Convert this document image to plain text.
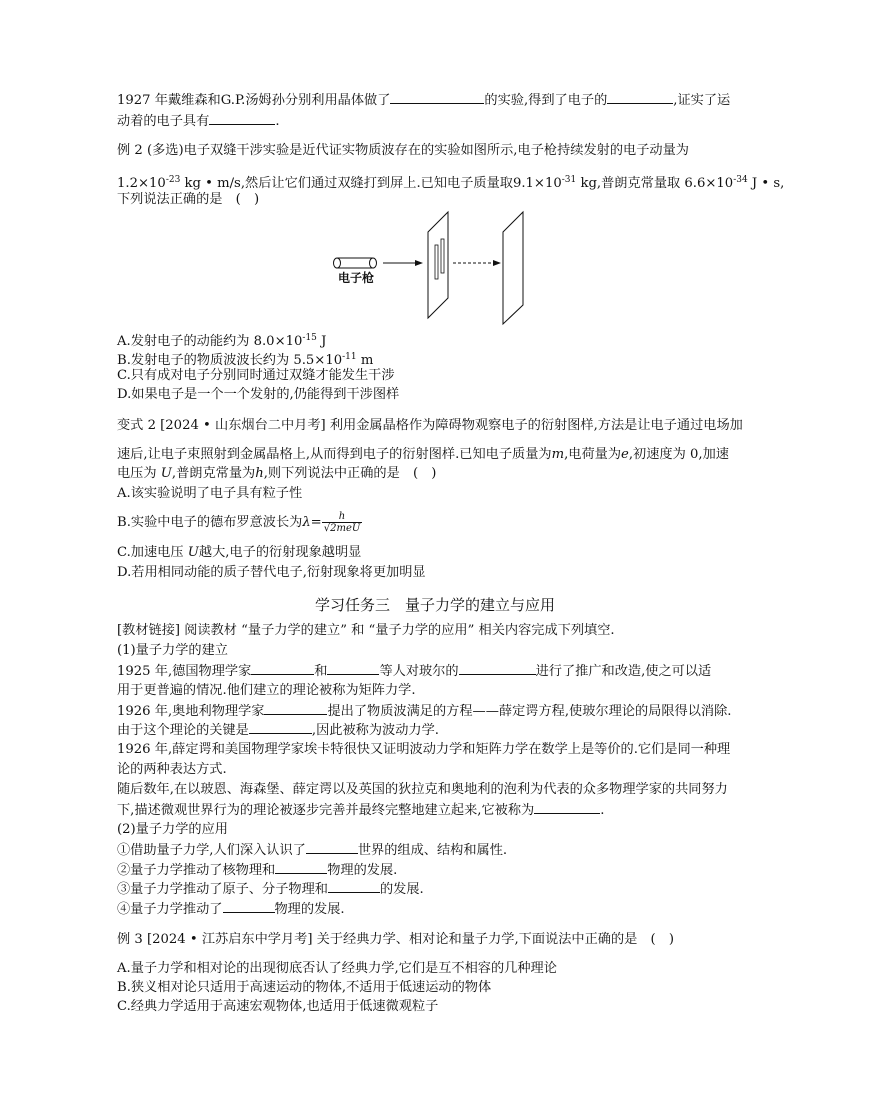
1927 年戴维森和G.P.汤姆孙分别利用晶体做了	的实验,得到了电子的	,证实了运
动着的电子具有	.
例 2 (多选)电子双缝干涉实验是近代证实物质波存在的实验如图所示,电子枪持续发射的电子动量为
$1.2\times 10^{-23}$ kg • m/s,然后让它们通过双缝打到屏上.已知电子质量取$9.1\times 10^{-31}$ kg,普朗克常量取 $6.6\times 10^{-34}$ J • s,
下列说法正确的是　(　)
电子枪
A.发射电子的动能约为 $8.0\times 10^{-15}$ J
B.发射电子的物质波波长约为 $5.5\times 10^{-11}$ m
C.只有成对电子分别同时通过双缝才能发生干涉
D.如果电子是一个一个发射的,仍能得到干涉图样
变式 2 [2024 • 山东烟台二中月考] 利用金属晶格作为障碍物观察电子的衍射图样,方法是让电子通过电场加
速后,让电子束照射到金属晶格上,从而得到电子的衍射图样.已知电子质量为m,电荷量为e,初速度为 0,加速
电压为 U,普朗克常量为h,则下列说法中正确的是　(　)
A.该实验说明了电子具有粒子性
B.实验中电子的德布罗意波长为$\lambda= \frac{h}{\text{√2meU}}$
C.加速电压 U越大,电子的衍射现象越明显
D.若用相同动能的质子替代电子,衍射现象将更加明显
学习任务三　量子力学的建立与应用
[教材链接] 阅读教材 “量子力学的建立” 和 “量子力学的应用” 相关内容完成下列填空.
(1)量子力学的建立
1925 年,德国物理学家	和	等人对玻尔的	进行了推广和改造,使之可以适
用于更普遍的情况.他们建立的理论被称为矩阵力学.
1926 年,奥地利物理学家	提出了物质波满足的方程——薛定谔方程,使玻尔理论的局限得以消除.
由于这个理论的关键是	,因此被称为波动力学.
1926 年,薛定谔和美国物理学家埃卡特很快又证明波动力学和矩阵力学在数学上是等价的.它们是同一种理
论的两种表达方式.
随后数年,在以玻恩、海森堡、薛定谔以及英国的狄拉克和奥地利的泡利为代表的众多物理学家的共同努力
下,描述微观世界行为的理论被逐步完善并最终完整地建立起来,它被称为	.
(2)量子力学的应用
①借助量子力学,人们深入认识了	世界的组成、结构和属性.
②量子力学推动了核物理和	物理的发展.
③量子力学推动了原子、分子物理和	的发展.
④量子力学推动了	物理的发展.
例 3 [2024 • 江苏启东中学月考] 关于经典力学、相对论和量子力学,下面说法中正确的是　(　)
A.量子力学和相对论的出现彻底否认了经典力学,它们是互不相容的几种理论
B.狭义相对论只适用于高速运动的物体,不适用于低速运动的物体
C.经典力学适用于高速宏观物体,也适用于低速微观粒子
